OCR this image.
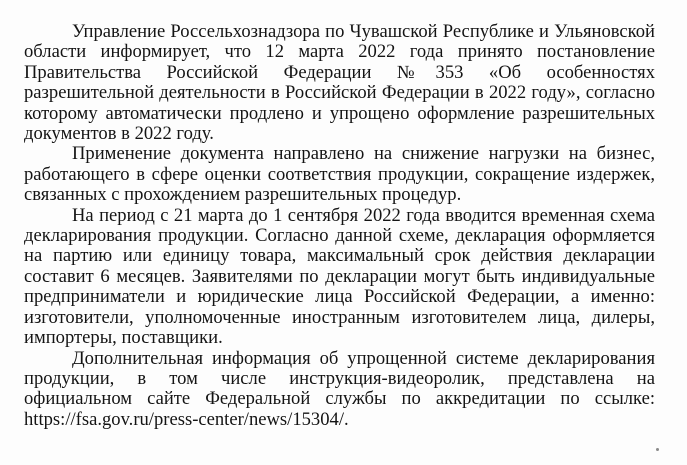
Управление Россельхознадзора по Чувашской Республике и Ульяновской области информирует, что 12 марта 2022 года принято постановление Правительства Российской Федерации №353 «Об особенностях разрешительной деятельности в Российской Федерации в 2022 году», согласно которому автоматически продлено и упрощено оформление разрешительных документов в 2022 году.

Применение документа направлено на снижение нагрузки на бизнес, работающего в сфере оценки соответствия продукции, сокращение издержек, связанных с прохождением разрешительных процедур.

На период с 21 марта до 1 сентября 2022 года вводится временная схема декларирования продукции. Согласно данной схеме, декларация оформляется на партию или единицу товара, максимальный срок действия декларации составит 6 месяцев. Заявителями по декларации могут быть индивидуальные предприниматели и юридические лица Российской Федерации, а именно: изготовители, уполномоченные иностранным изготовителем лица, дилеры, импортеры, поставщики.

Дополнительная информация об упрощенной системе декларирования продукции, в том числе инструкция-видеоролик, представлена на официальном сайте Федеральной службы по аккредитации по ссылке: https://fsa.gov.ru/press-center/news/15304/.
